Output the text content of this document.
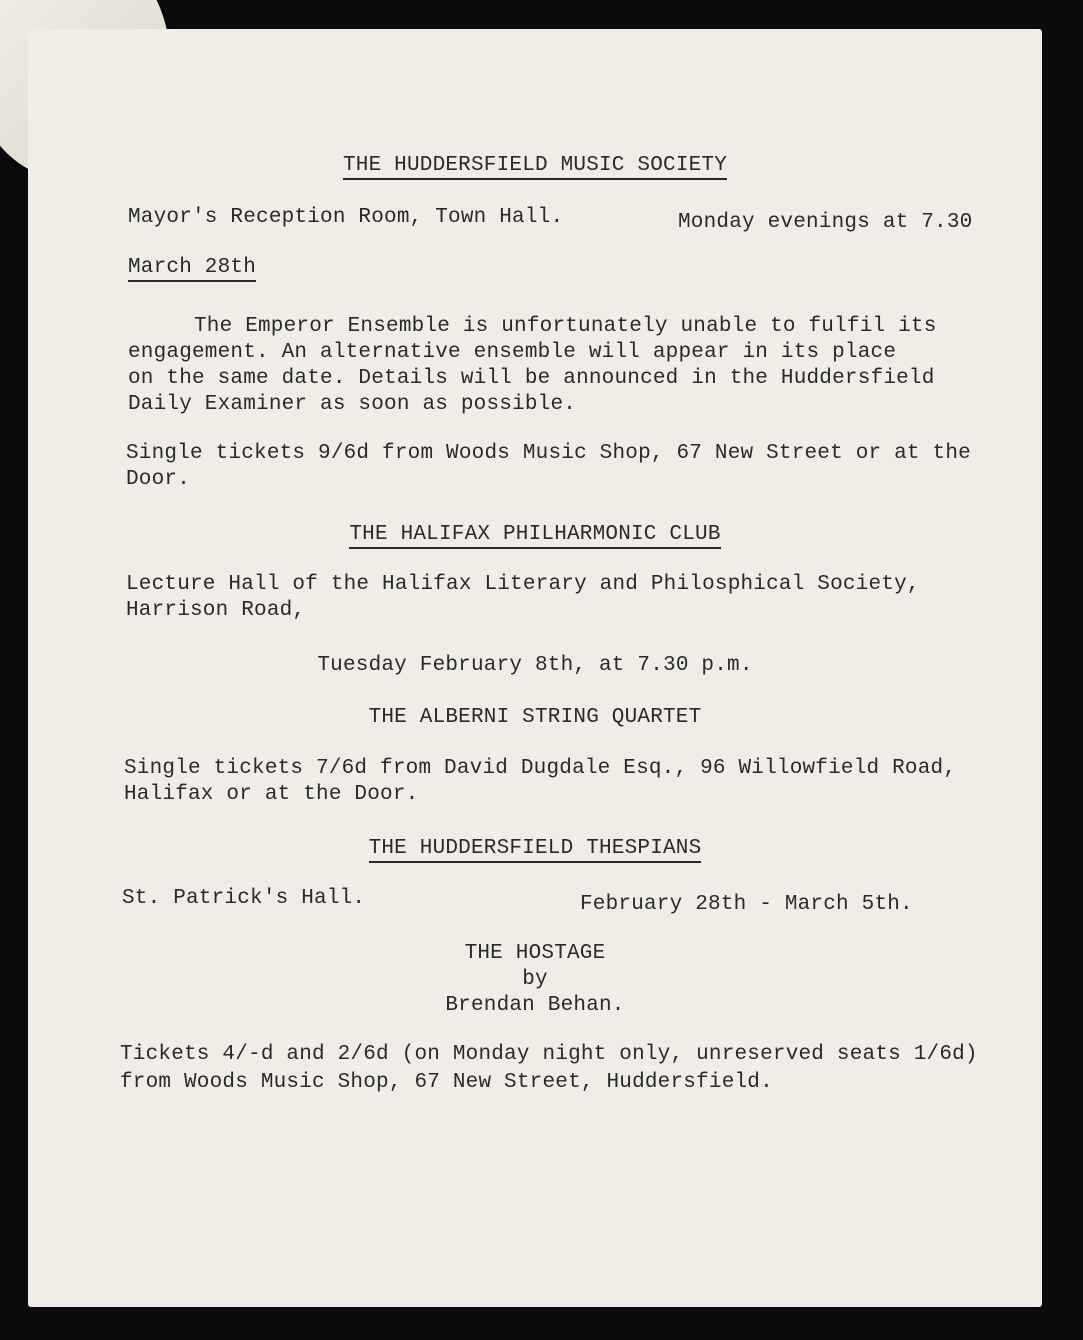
THE HUDDERSFIELD MUSIC SOCIETY
Mayor's Reception Room, Town Hall.	Monday evenings at 7.30
March 28th
The Emperor Ensemble is unfortunately unable to fulfil its
engagement. An alternative ensemble will appear in its place
on the same date. Details will be announced in the Huddersfield
Daily Examiner as soon as possible.
Single tickets 9/6d from Woods Music Shop, 67 New Street or at the
Door.
THE HALIFAX PHILHARMONIC CLUB
Lecture Hall of the Halifax Literary and Philosphical Society,
Harrison Road,
Tuesday February 8th, at 7.30 p.m.
THE ALBERNI STRING QUARTET
Single tickets 7/6d from David Dugdale Esq., 96 Willowfield Road,
Halifax or at the Door.
THE HUDDERSFIELD THESPIANS
St. Patrick's Hall.	February 28th - March 5th.
THE HOSTAGE
by
Brendan Behan.
Tickets 4/-d and 2/6d (on Monday night only, unreserved seats 1/6d)
from Woods Music Shop, 67 New Street, Huddersfield.
